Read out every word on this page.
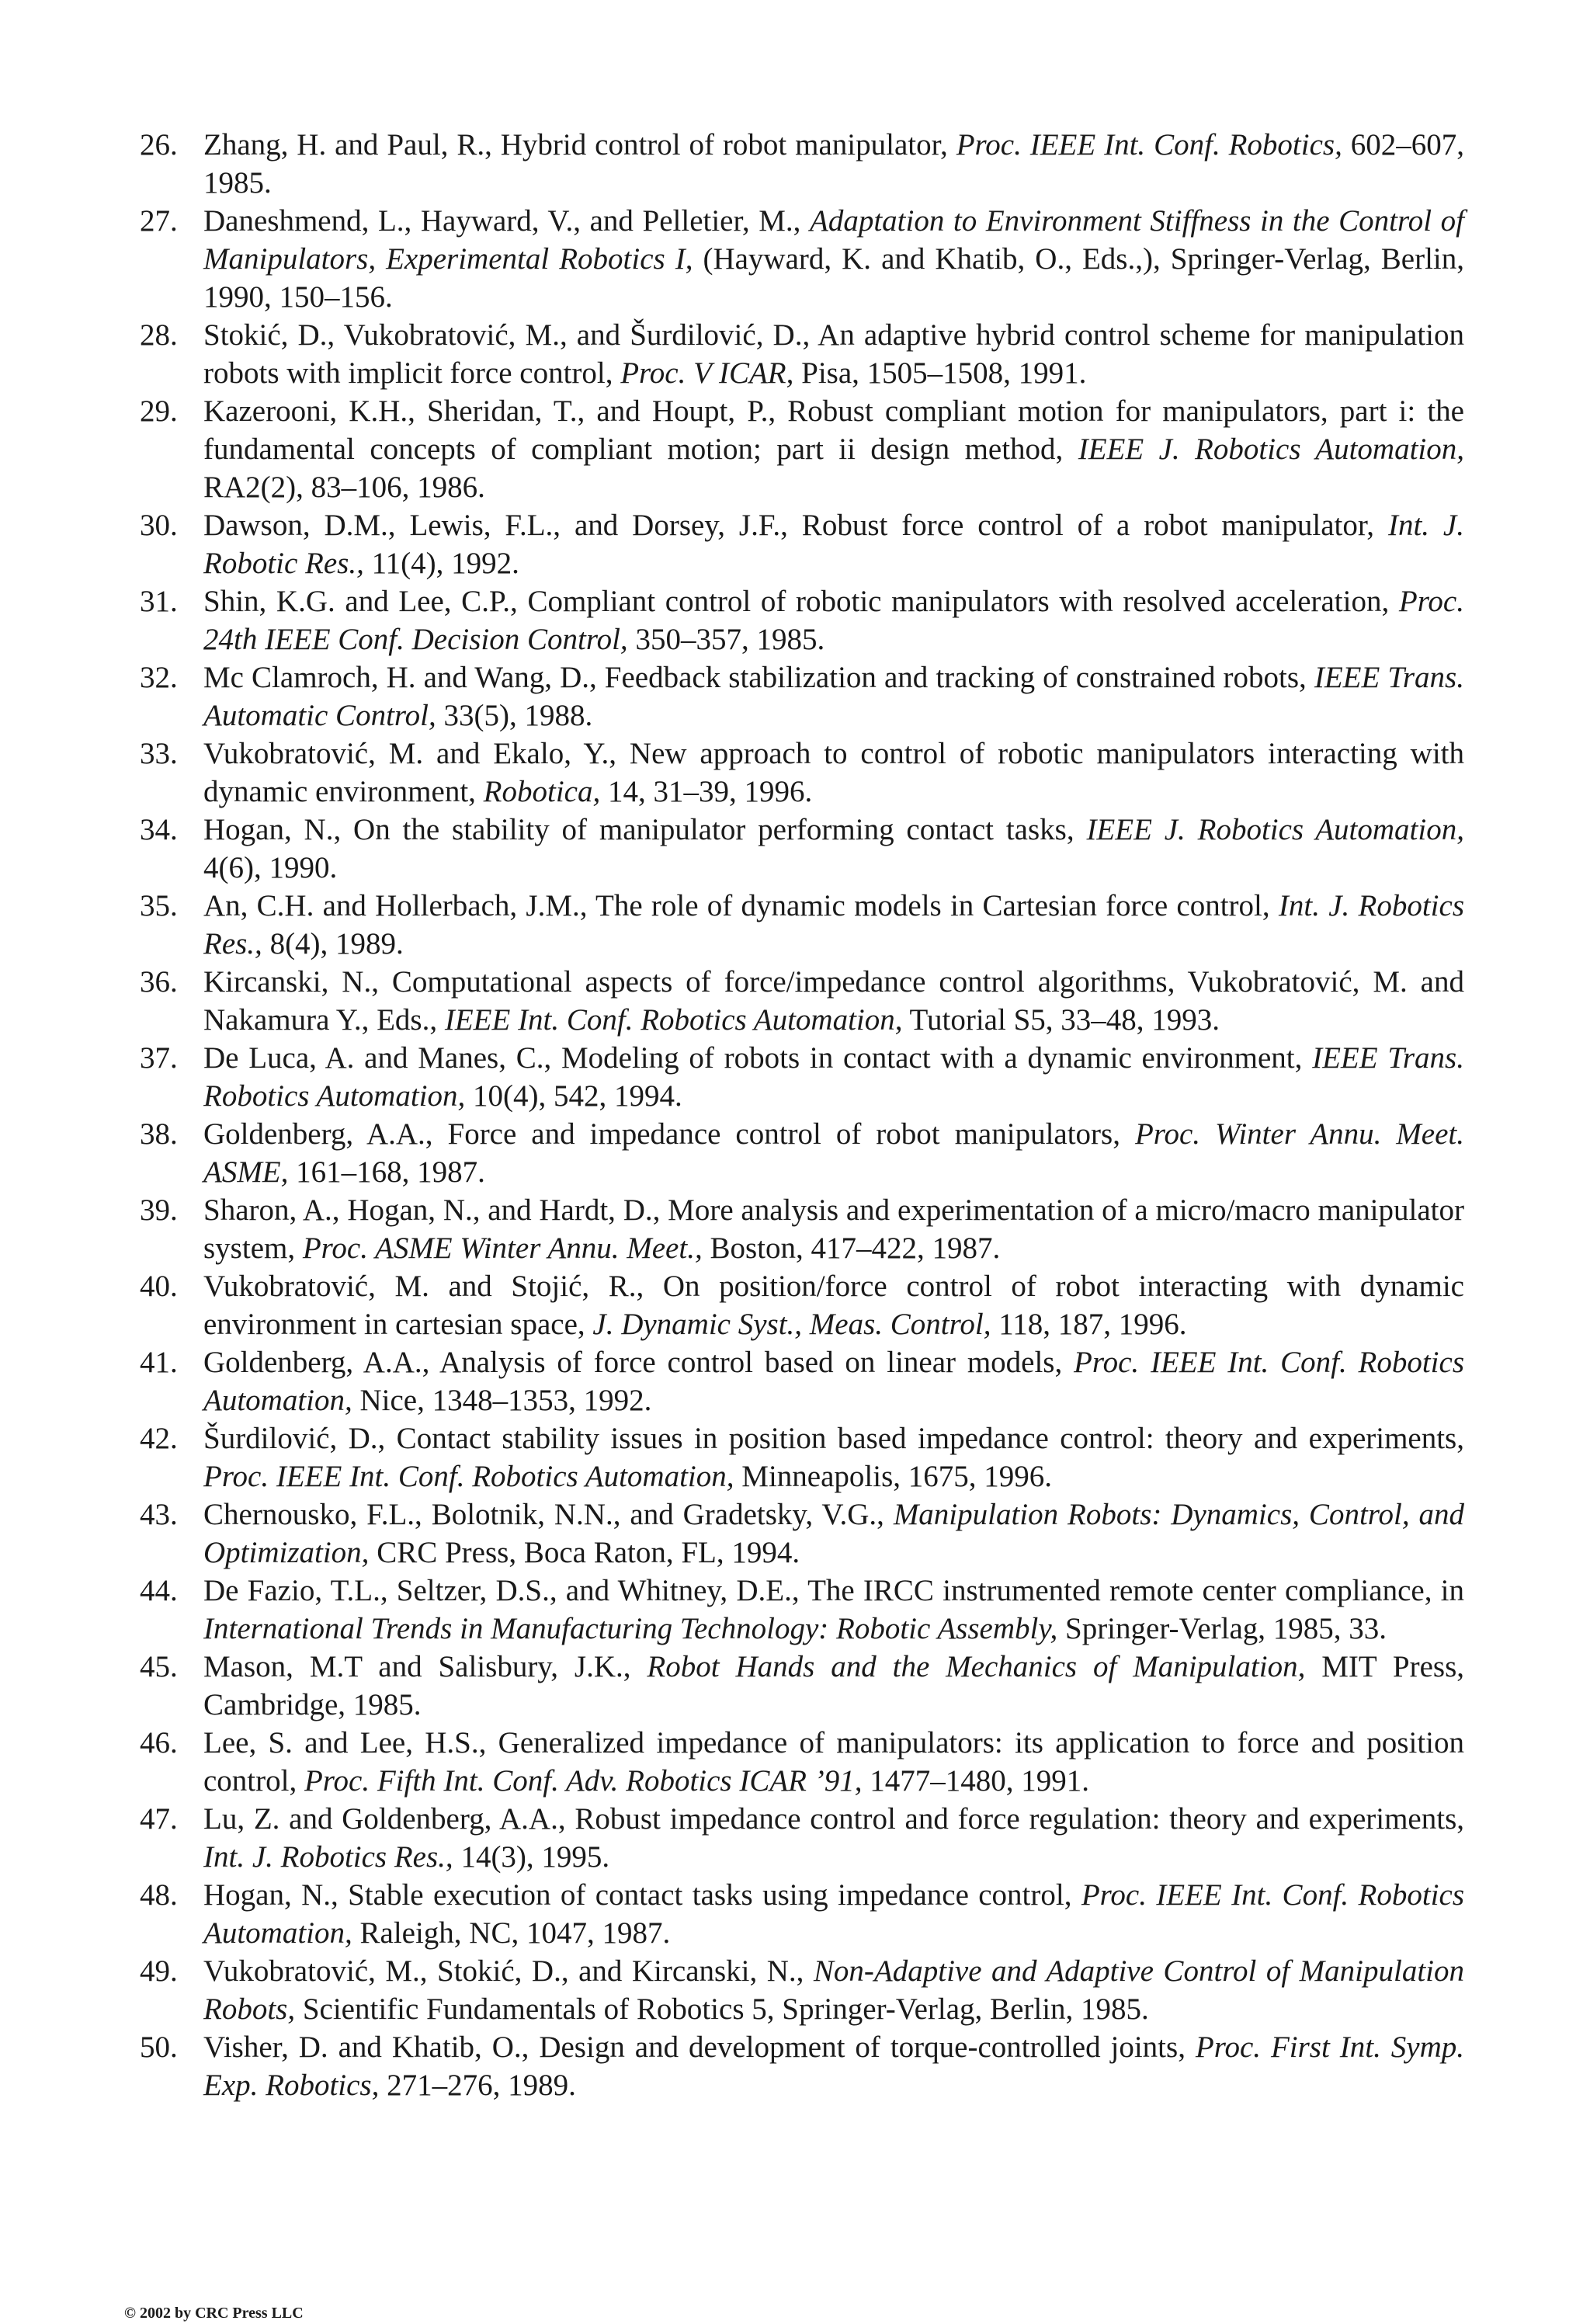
26. Zhang, H. and Paul, R., Hybrid control of robot manipulator, Proc. IEEE Int. Conf. Robotics, 602–607, 1985.
27. Daneshmend, L., Hayward, V., and Pelletier, M., Adaptation to Environment Stiffness in the Control of Manipulators, Experimental Robotics I, (Hayward, K. and Khatib, O., Eds.,), Springer-Verlag, Berlin, 1990, 150–156.
28. Stokić, D., Vukobratović, M., and Šurdilović, D., An adaptive hybrid control scheme for manipulation robots with implicit force control, Proc. V ICAR, Pisa, 1505–1508, 1991.
29. Kazerooni, K.H., Sheridan, T., and Houpt, P., Robust compliant motion for manipulators, part i: the fundamental concepts of compliant motion; part ii design method, IEEE J. Robotics Automation, RA2(2), 83–106, 1986.
30. Dawson, D.M., Lewis, F.L., and Dorsey, J.F., Robust force control of a robot manipulator, Int. J. Robotic Res., 11(4), 1992.
31. Shin, K.G. and Lee, C.P., Compliant control of robotic manipulators with resolved acceleration, Proc. 24th IEEE Conf. Decision Control, 350–357, 1985.
32. Mc Clamroch, H. and Wang, D., Feedback stabilization and tracking of constrained robots, IEEE Trans. Automatic Control, 33(5), 1988.
33. Vukobratović, M. and Ekalo, Y., New approach to control of robotic manipulators interacting with dynamic environment, Robotica, 14, 31–39, 1996.
34. Hogan, N., On the stability of manipulator performing contact tasks, IEEE J. Robotics Automation, 4(6), 1990.
35. An, C.H. and Hollerbach, J.M., The role of dynamic models in Cartesian force control, Int. J. Robotics Res., 8(4), 1989.
36. Kircanski, N., Computational aspects of force/impedance control algorithms, Vukobratović, M. and Nakamura Y., Eds., IEEE Int. Conf. Robotics Automation, Tutorial S5, 33–48, 1993.
37. De Luca, A. and Manes, C., Modeling of robots in contact with a dynamic environment, IEEE Trans. Robotics Automation, 10(4), 542, 1994.
38. Goldenberg, A.A., Force and impedance control of robot manipulators, Proc. Winter Annu. Meet. ASME, 161–168, 1987.
39. Sharon, A., Hogan, N., and Hardt, D., More analysis and experimentation of a micro/macro manipulator system, Proc. ASME Winter Annu. Meet., Boston, 417–422, 1987.
40. Vukobratović, M. and Stojić, R., On position/force control of robot interacting with dynamic environment in cartesian space, J. Dynamic Syst., Meas. Control, 118, 187, 1996.
41. Goldenberg, A.A., Analysis of force control based on linear models, Proc. IEEE Int. Conf. Robotics Automation, Nice, 1348–1353, 1992.
42. Šurdilović, D., Contact stability issues in position based impedance control: theory and experiments, Proc. IEEE Int. Conf. Robotics Automation, Minneapolis, 1675, 1996.
43. Chernousko, F.L., Bolotnik, N.N., and Gradetsky, V.G., Manipulation Robots: Dynamics, Control, and Optimization, CRC Press, Boca Raton, FL, 1994.
44. De Fazio, T.L., Seltzer, D.S., and Whitney, D.E., The IRCC instrumented remote center compliance, in International Trends in Manufacturing Technology: Robotic Assembly, Springer-Verlag, 1985, 33.
45. Mason, M.T and Salisbury, J.K., Robot Hands and the Mechanics of Manipulation, MIT Press, Cambridge, 1985.
46. Lee, S. and Lee, H.S., Generalized impedance of manipulators: its application to force and position control, Proc. Fifth Int. Conf. Adv. Robotics ICAR ’91, 1477–1480, 1991.
47. Lu, Z. and Goldenberg, A.A., Robust impedance control and force regulation: theory and experiments, Int. J. Robotics Res., 14(3), 1995.
48. Hogan, N., Stable execution of contact tasks using impedance control, Proc. IEEE Int. Conf. Robotics Automation, Raleigh, NC, 1047, 1987.
49. Vukobratović, M., Stokić, D., and Kircanski, N., Non-Adaptive and Adaptive Control of Manipulation Robots, Scientific Fundamentals of Robotics 5, Springer-Verlag, Berlin, 1985.
50. Visher, D. and Khatib, O., Design and development of torque-controlled joints, Proc. First Int. Symp. Exp. Robotics, 271–276, 1989.
© 2002 by CRC Press LLC
